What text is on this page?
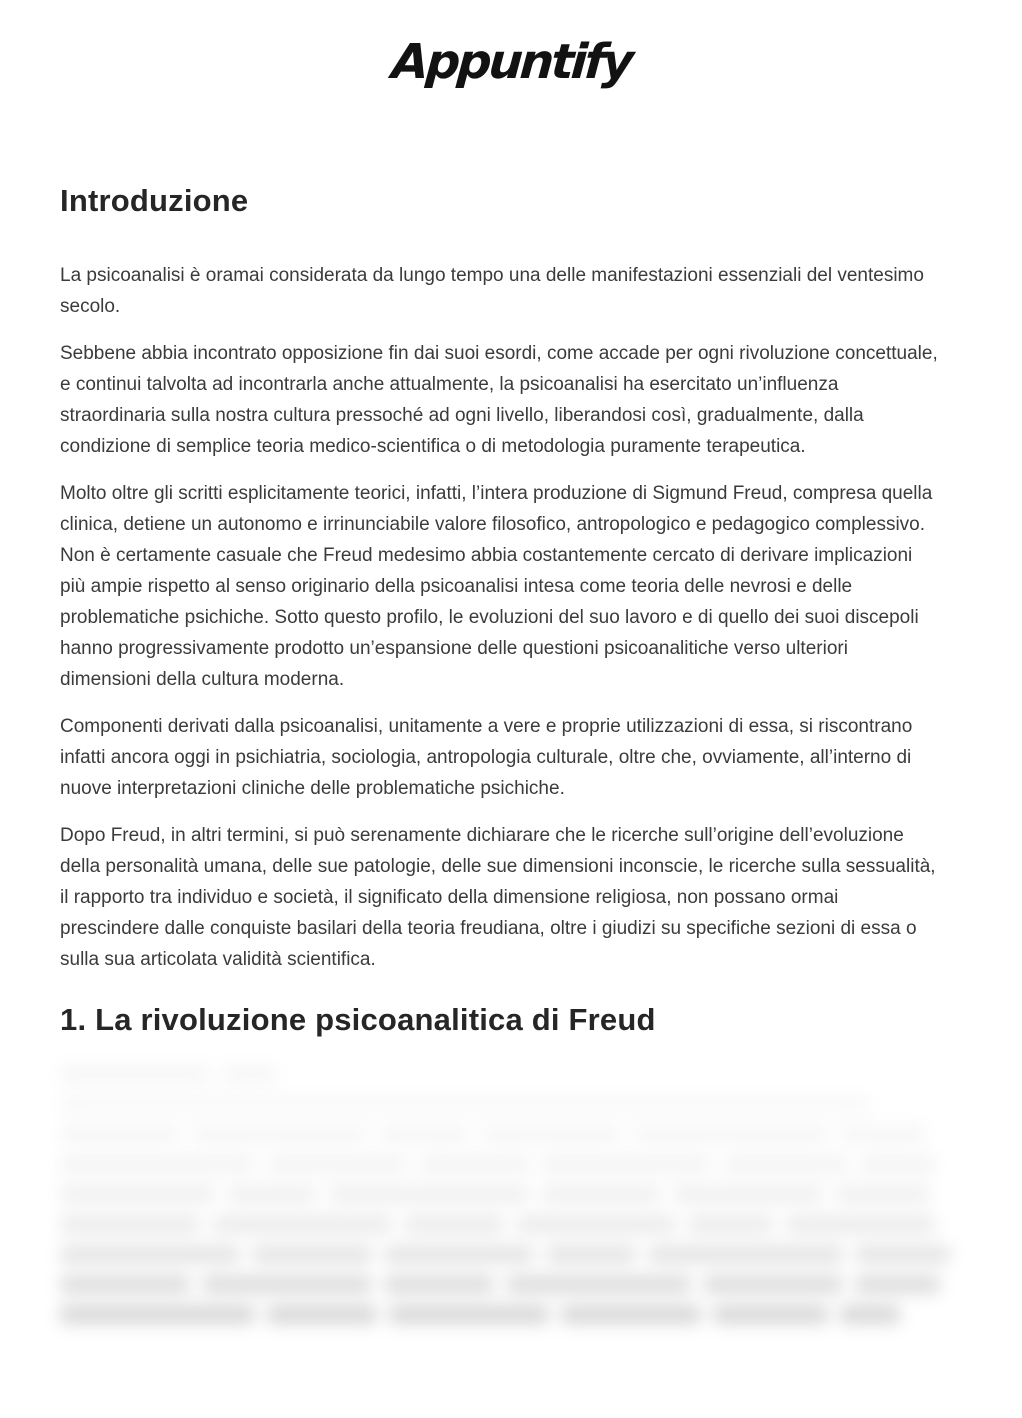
Appuntify
Introduzione

La psicoanalisi è oramai considerata da lungo tempo una delle manifestazioni essenziali del ventesimo secolo.

Sebbene abbia incontrato opposizione fin dai suoi esordi, come accade per ogni rivoluzione concettuale, e continui talvolta ad incontrarla anche attualmente, la psicoanalisi ha esercitato un’influenza straordinaria sulla nostra cultura pressoché ad ogni livello, liberandosi così, gradualmente, dalla condizione di semplice teoria medico-scientifica o di metodologia puramente terapeutica.

Molto oltre gli scritti esplicitamente teorici, infatti, l’intera produzione di Sigmund Freud, compresa quella clinica, detiene un autonomo e irrinunciabile valore filosofico, antropologico e pedagogico complessivo. Non è certamente casuale che Freud medesimo abbia costantemente cercato di derivare implicazioni più ampie rispetto al senso originario della psicoanalisi intesa come teoria delle nevrosi e delle problematiche psichiche. Sotto questo profilo, le evoluzioni del suo lavoro e di quello dei suoi discepoli hanno progressivamente prodotto un’espansione delle questioni psicoanalitiche verso ulteriori dimensioni della cultura moderna.

Componenti derivati dalla psicoanalisi, unitamente a vere e proprie utilizzazioni di essa, si riscontrano infatti ancora oggi in psichiatria, sociologia, antropologia culturale, oltre che, ovviamente, all’interno di nuove interpretazioni cliniche delle problematiche psichiche.

Dopo Freud, in altri termini, si può serenamente dichiarare che le ricerche sull’origine dell’evoluzione della personalità umana, delle sue patologie, delle sue dimensioni inconscie, le ricerche sulla sessualità, il rapporto tra individuo e società, il significato della dimensione religiosa, non possano ormai prescindere dalle conquiste basilari della teoria freudiana, oltre i giudizi su specifiche sezioni di essa o sulla sua articolata validità scientifica.

1. La rivoluzione psicoanalitica di Freud
